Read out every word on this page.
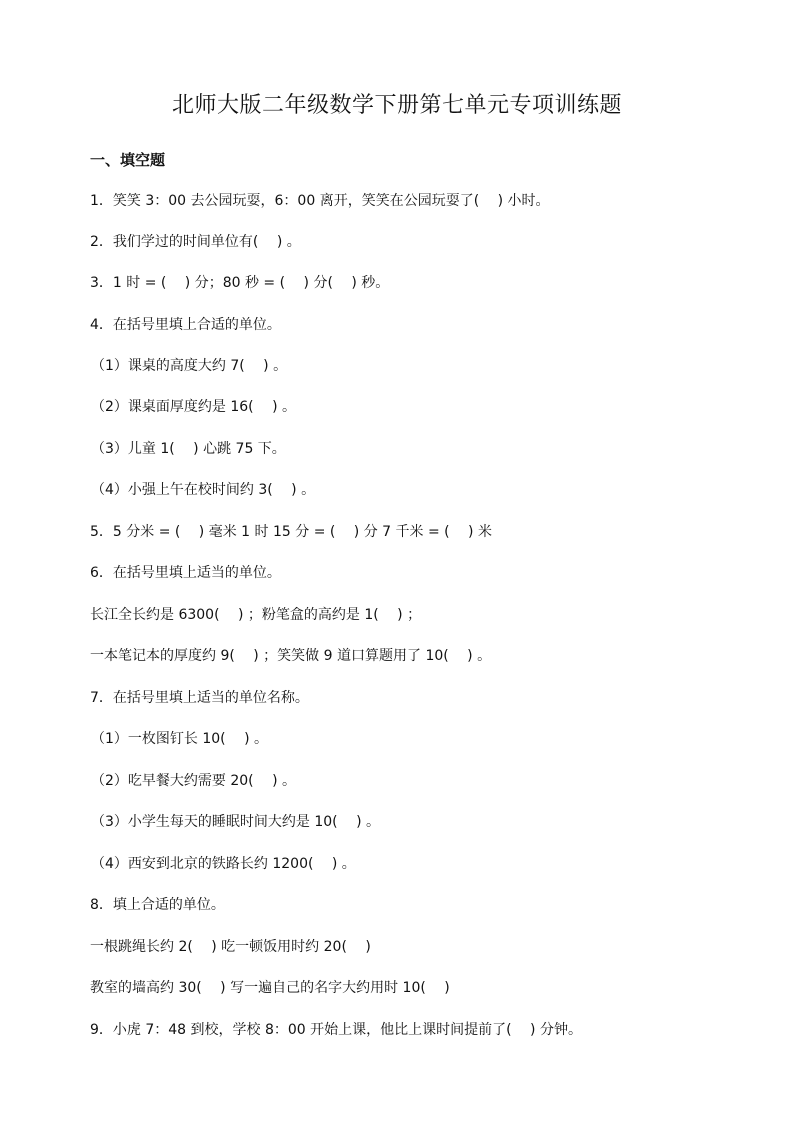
北师大版二年级数学下册第七单元专项训练题
一、填空题
1．笑笑 3：00 去公园玩耍，6：00 离开，笑笑在公园玩耍了(　 ) 小时。
2．我们学过的时间单位有(　 ) 。
3．1 时 = (　 ) 分；80 秒 = (　 ) 分(　 ) 秒。
4．在括号里填上合适的单位。
（1）课桌的高度大约 7(　 ) 。
（2）课桌面厚度约是 16(　 ) 。
（3）儿童 1(　 ) 心跳 75 下。
（4）小强上午在校时间约 3(　 ) 。
5．5 分米 = (　 ) 毫米 1 时 15 分 = (　 ) 分 7 千米 = (　 ) 米
6．在括号里填上适当的单位。
长江全长约是 6300(　 ) ；粉笔盒的高约是 1(　 ) ；
一本笔记本的厚度约 9(　 ) ；笑笑做 9 道口算题用了 10(　 ) 。
7．在括号里填上适当的单位名称。
（1）一枚图钉长 10(　 ) 。
（2）吃早餐大约需要 20(　 ) 。
（3）小学生每天的睡眠时间大约是 10(　 ) 。
（4）西安到北京的铁路长约 1200(　 ) 。
8．填上合适的单位。
一根跳绳长约 2(　 ) 吃一顿饭用时约 20(　 )
教室的墙高约 30(　 ) 写一遍自己的名字大约用时 10(　 )
9．小虎 7：48 到校，学校 8：00 开始上课，他比上课时间提前了(　 ) 分钟。
